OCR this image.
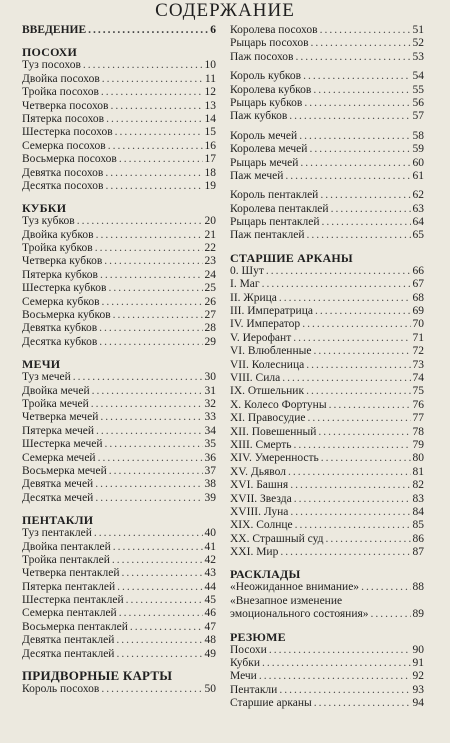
СОДЕРЖАНИЕ
ВВЕДЕНИЕ .....	6
ПОСОХИ
Туз посохов .....	10
Двойка посохов .....	11
Тройка посохов .....	12
Четверка посохов .....	13
Пятерка посохов .....	14
Шестерка посохов .....	15
Семерка посохов .....	16
Восьмерка посохов .....	17
Девятка посохов .....	18
Десятка посохов .....	19
КУБКИ
Туз кубков .....	20
Двойка кубков .....	21
Тройка кубков .....	22
Четверка кубков .....	23
Пятерка кубков .....	24
Шестерка кубков .....	25
Семерка кубков .....	26
Восьмерка кубков .....	27
Девятка кубков .....	28
Десятка кубков .....	29
МЕЧИ
Туз мечей .....	30
Двойка мечей .....	31
Тройка мечей .....	32
Четверка мечей .....	33
Пятерка мечей .....	34
Шестерка мечей .....	35
Семерка мечей .....	36
Восьмерка мечей .....	37
Девятка мечей .....	38
Десятка мечей .....	39
ПЕНТАКЛИ
Туз пентаклей .....	40
Двойка пентаклей .....	41
Тройка пентаклей .....	42
Четверка пентаклей .....	43
Пятерка пентаклей .....	44
Шестерка пентаклей .....	45
Семерка пентаклей .....	46
Восьмерка пентаклей .....	47
Девятка пентаклей .....	48
Десятка пентаклей .....	49
ПРИДВОРНЫЕ КАРТЫ
Король посохов .....	50
Королева посохов .....	51
Рыцарь посохов .....	52
Паж посохов .....	53
Король кубков .....	54
Королева кубков .....	55
Рыцарь кубков .....	56
Паж кубков .....	57
Король мечей .....	58
Королева мечей .....	59
Рыцарь мечей .....	60
Паж мечей .....	61
Король пентаклей .....	62
Королева пентаклей .....	63
Рыцарь пентаклей .....	64
Паж пентаклей .....	65
СТАРШИЕ АРКАНЫ
0. Шут .....	66
I. Маг .....	67
II. Жрица .....	68
III. Императрица .....	69
IV. Император .....	70
V. Иерофант .....	71
VI. Влюбленные .....	72
VII. Колесница .....	73
VIII. Сила .....	74
IX. Отшельник .....	75
X. Колесо Фортуны .....	76
XI. Правосудие .....	77
XII. Повешенный .....	78
XIII. Смерть .....	79
XIV. Умеренность .....	80
XV. Дьявол .....	81
XVI. Башня .....	82
XVII. Звезда .....	83
XVIII. Луна .....	84
XIX. Солнце .....	85
XX. Страшный суд .....	86
XXI. Мир .....	87
РАСКЛАДЫ
«Неожиданное внимание» .....	88
«Внезапное изменение
эмоционального состояния» .....	89
РЕЗЮМЕ
Посохи .....	90
Кубки .....	91
Мечи .....	92
Пентакли .....	93
Старшие арканы .....	94
